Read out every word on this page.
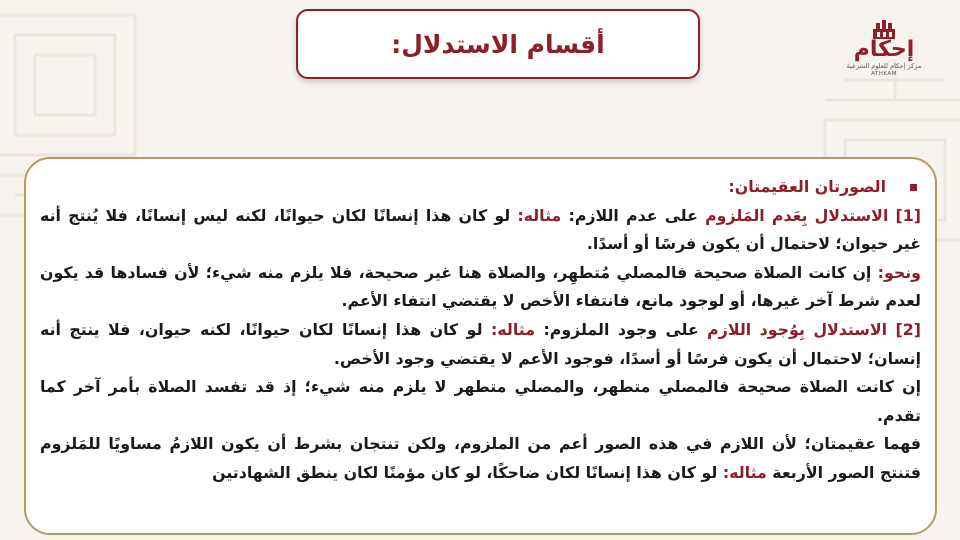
أقسام الاستدلال:	إحكام
مركز إحكام للعلوم الشرعية
ATHKAM

الصورتان العقيمتان:

[1] الاستدلال بِعَدم المَلزوم على عدم اللازم: مثاله: لو كان هذا إنسانًا لكان حيوانًا، لكنه ليس إنسانًا، فلا يُنتج أنه غير حيوان؛ لاحتمال أن يكون فرسًا أو أسدًا.

ونحو: إن كانت الصلاة صحيحة فالمصلي مُتطهِر، والصلاة هنا غير صحيحة، فلا يلزم منه شيء؛ لأن فسادها قد يكون لعدم شرط آخر غيرها، أو لوجود مانع، فانتفاء الأخص لا يقتضي انتفاء الأعم.

[2] الاستدلال بِوُجود اللازم على وجود الملزوم: مثاله: لو كان هذا إنسانًا لكان حيوانًا، لكنه حيوان، فلا ينتج أنه إنسان؛ لاحتمال أن يكون فرسًا أو أسدًا، فوجود الأعم لا يقتضي وجود الأخص.

إن كانت الصلاة صحيحة فالمصلي متطهر، والمصلي متطهر لا يلزم منه شيء؛ إذ قد تفسد الصلاة بأمر آخر كما تقدم.

فهما عقيمتان؛ لأن اللازم في هذه الصور أعم من الملزوم، ولكن تنتجان بشرط أن يكون اللازمُ مساويًا للمَلزوم فتنتج الصور الأربعة مثاله: لو كان هذا إنسانًا لكان ضاحكًا، لو كان مؤمنًا لكان ينطق الشهادتين
